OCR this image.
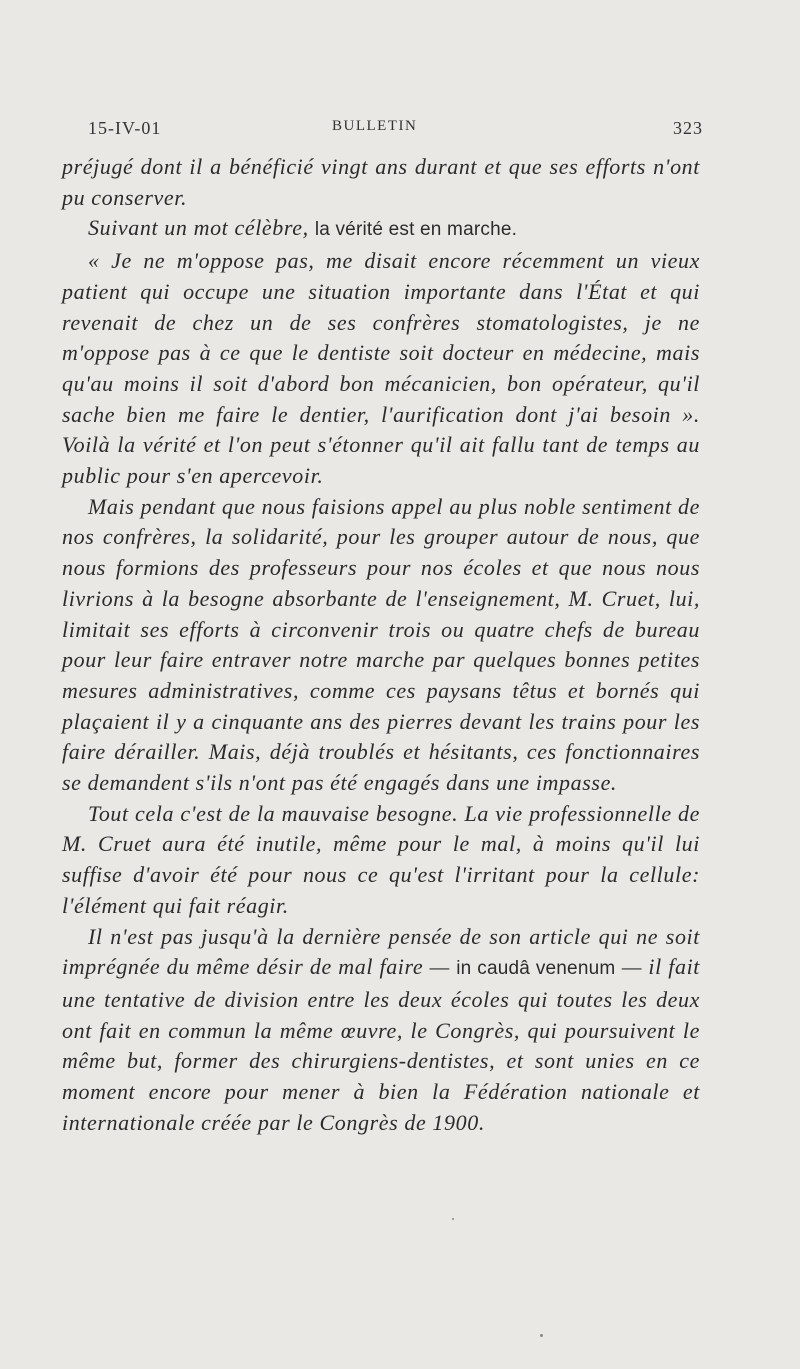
15-IV-01	BULLETIN	323

préjugé dont il a bénéficié vingt ans durant et que ses efforts n'ont pu conserver.

Suivant un mot célèbre, la vérité est en marche.

« Je ne m'oppose pas, me disait encore récemment un vieux patient qui occupe une situation importante dans l'État et qui revenait de chez un de ses confrères stomatologistes, je ne m'oppose pas à ce que le dentiste soit docteur en médecine, mais qu'au moins il soit d'abord bon mécanicien, bon opérateur, qu'il sache bien me faire le dentier, l'aurification dont j'ai besoin ». Voilà la vérité et l'on peut s'étonner qu'il ait fallu tant de temps au public pour s'en apercevoir.

Mais pendant que nous faisions appel au plus noble sentiment de nos confrères, la solidarité, pour les grouper autour de nous, que nous formions des professeurs pour nos écoles et que nous nous livrions à la besogne absorbante de l'enseignement, M. Cruet, lui, limitait ses efforts à circonvenir trois ou quatre chefs de bureau pour leur faire entraver notre marche par quelques bonnes petites mesures administratives, comme ces paysans têtus et bornés qui plaçaient il y a cinquante ans des pierres devant les trains pour les faire dérailler. Mais, déjà troublés et hésitants, ces fonctionnaires se demandent s'ils n'ont pas été engagés dans une impasse.

Tout cela c'est de la mauvaise besogne. La vie professionnelle de M. Cruet aura été inutile, même pour le mal, à moins qu'il lui suffise d'avoir été pour nous ce qu'est l'irritant pour la cellule: l'élément qui fait réagir.

Il n'est pas jusqu'à la dernière pensée de son article qui ne soit imprégnée du même désir de mal faire — in caudâ venenum — il fait une tentative de division entre les deux écoles qui toutes les deux ont fait en commun la même œuvre, le Congrès, qui poursuivent le même but, former des chirurgiens-dentistes, et sont unies en ce moment encore pour mener à bien la Fédération nationale et internationale créée par le Congrès de 1900.
